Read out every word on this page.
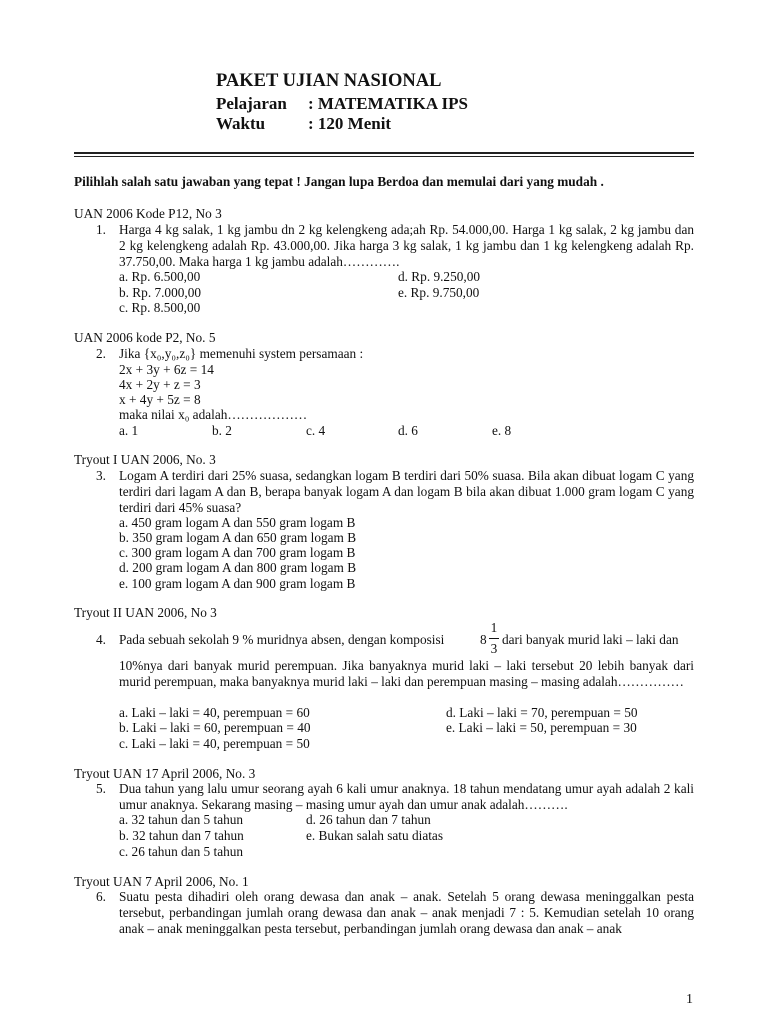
PAKET UJIAN NASIONAL
Pelajaran : MATEMATIKA IPS
Waktu	: 120 Menit
Pilihlah salah satu jawaban yang tepat ! Jangan lupa Berdoa dan memulai dari yang mudah .
UAN 2006 Kode P12, No 3
1. Harga 4 kg salak, 1 kg jambu dn 2 kg kelengkeng ada;ah Rp. 54.000,00. Harga 1 kg salak, 2 kg jambu dan 2 kg kelengkeng adalah Rp. 43.000,00. Jika harga 3 kg salak, 1 kg jambu dan 1 kg kelengkeng adalah Rp. 37.750,00. Maka harga 1 kg jambu adalah………….
a. Rp. 6.500,00
b. Rp. 7.000,00
c. Rp. 8.500,00
d. Rp. 9.250,00
e. Rp. 9.750,00
UAN 2006 kode P2, No. 5
2. Jika {x₀,y₀,z₀} memenuhi system persamaan :
2x + 3y + 6z = 14
4x + 2y + z = 3
x + 4y + 5z = 8
maka nilai x₀ adalah………………
a. 1	b. 2	c. 4	d. 6	e. 8
Tryout I UAN 2006, No. 3
3. Logam A terdiri dari 25% suasa, sedangkan logam B terdiri dari 50% suasa. Bila akan dibuat logam C yang terdiri dari lagam A dan B, berapa banyak logam A dan logam B bila akan dibuat 1.000 gram logam C yang terdiri dari 45% suasa?
a. 450 gram logam A dan 550 gram logam B
b. 350 gram logam A dan 650 gram logam B
c. 300 gram logam A dan 700 gram logam B
d. 200 gram logam A dan 800 gram logam B
e. 100 gram logam A dan 900 gram logam B
Tryout II UAN 2006, No 3
4. Pada sebuah sekolah 9 % muridnya absen, dengan komposisi	8
1
3
dari banyak murid laki – laki dan
10%nya dari banyak murid perempuan. Jika banyaknya murid laki – laki tersebut 20 lebih banyak dari murid perempuan, maka banyaknya murid laki – laki dan perempuan masing – masing adalah……………
a. Laki – laki = 40, perempuan = 60
b. Laki – laki = 60, perempuan = 40
c. Laki – laki = 40, perempuan = 50
d. Laki – laki = 70, perempuan = 50
e. Laki – laki = 50, perempuan = 30
Tryout UAN 17 April 2006, No. 3
5. Dua tahun yang lalu umur seorang ayah 6 kali umur anaknya. 18 tahun mendatang umur ayah adalah 2 kali umur anaknya. Sekarang masing – masing umur ayah dan umur anak adalah……….
a. 32 tahun dan 5 tahun
b. 32 tahun dan 7 tahun
c. 26 tahun dan 5 tahun
d. 26 tahun dan 7 tahun
e. Bukan salah satu diatas
Tryout UAN 7 April 2006, No. 1
6. Suatu pesta dihadiri oleh orang dewasa dan anak – anak. Setelah 5 orang dewasa meninggalkan pesta tersebut, perbandingan jumlah orang dewasa dan anak – anak menjadi 7 : 5. Kemudian setelah 10 orang anak – anak meninggalkan pesta tersebut, perbandingan jumlah orang dewasa dan anak – anak
1
